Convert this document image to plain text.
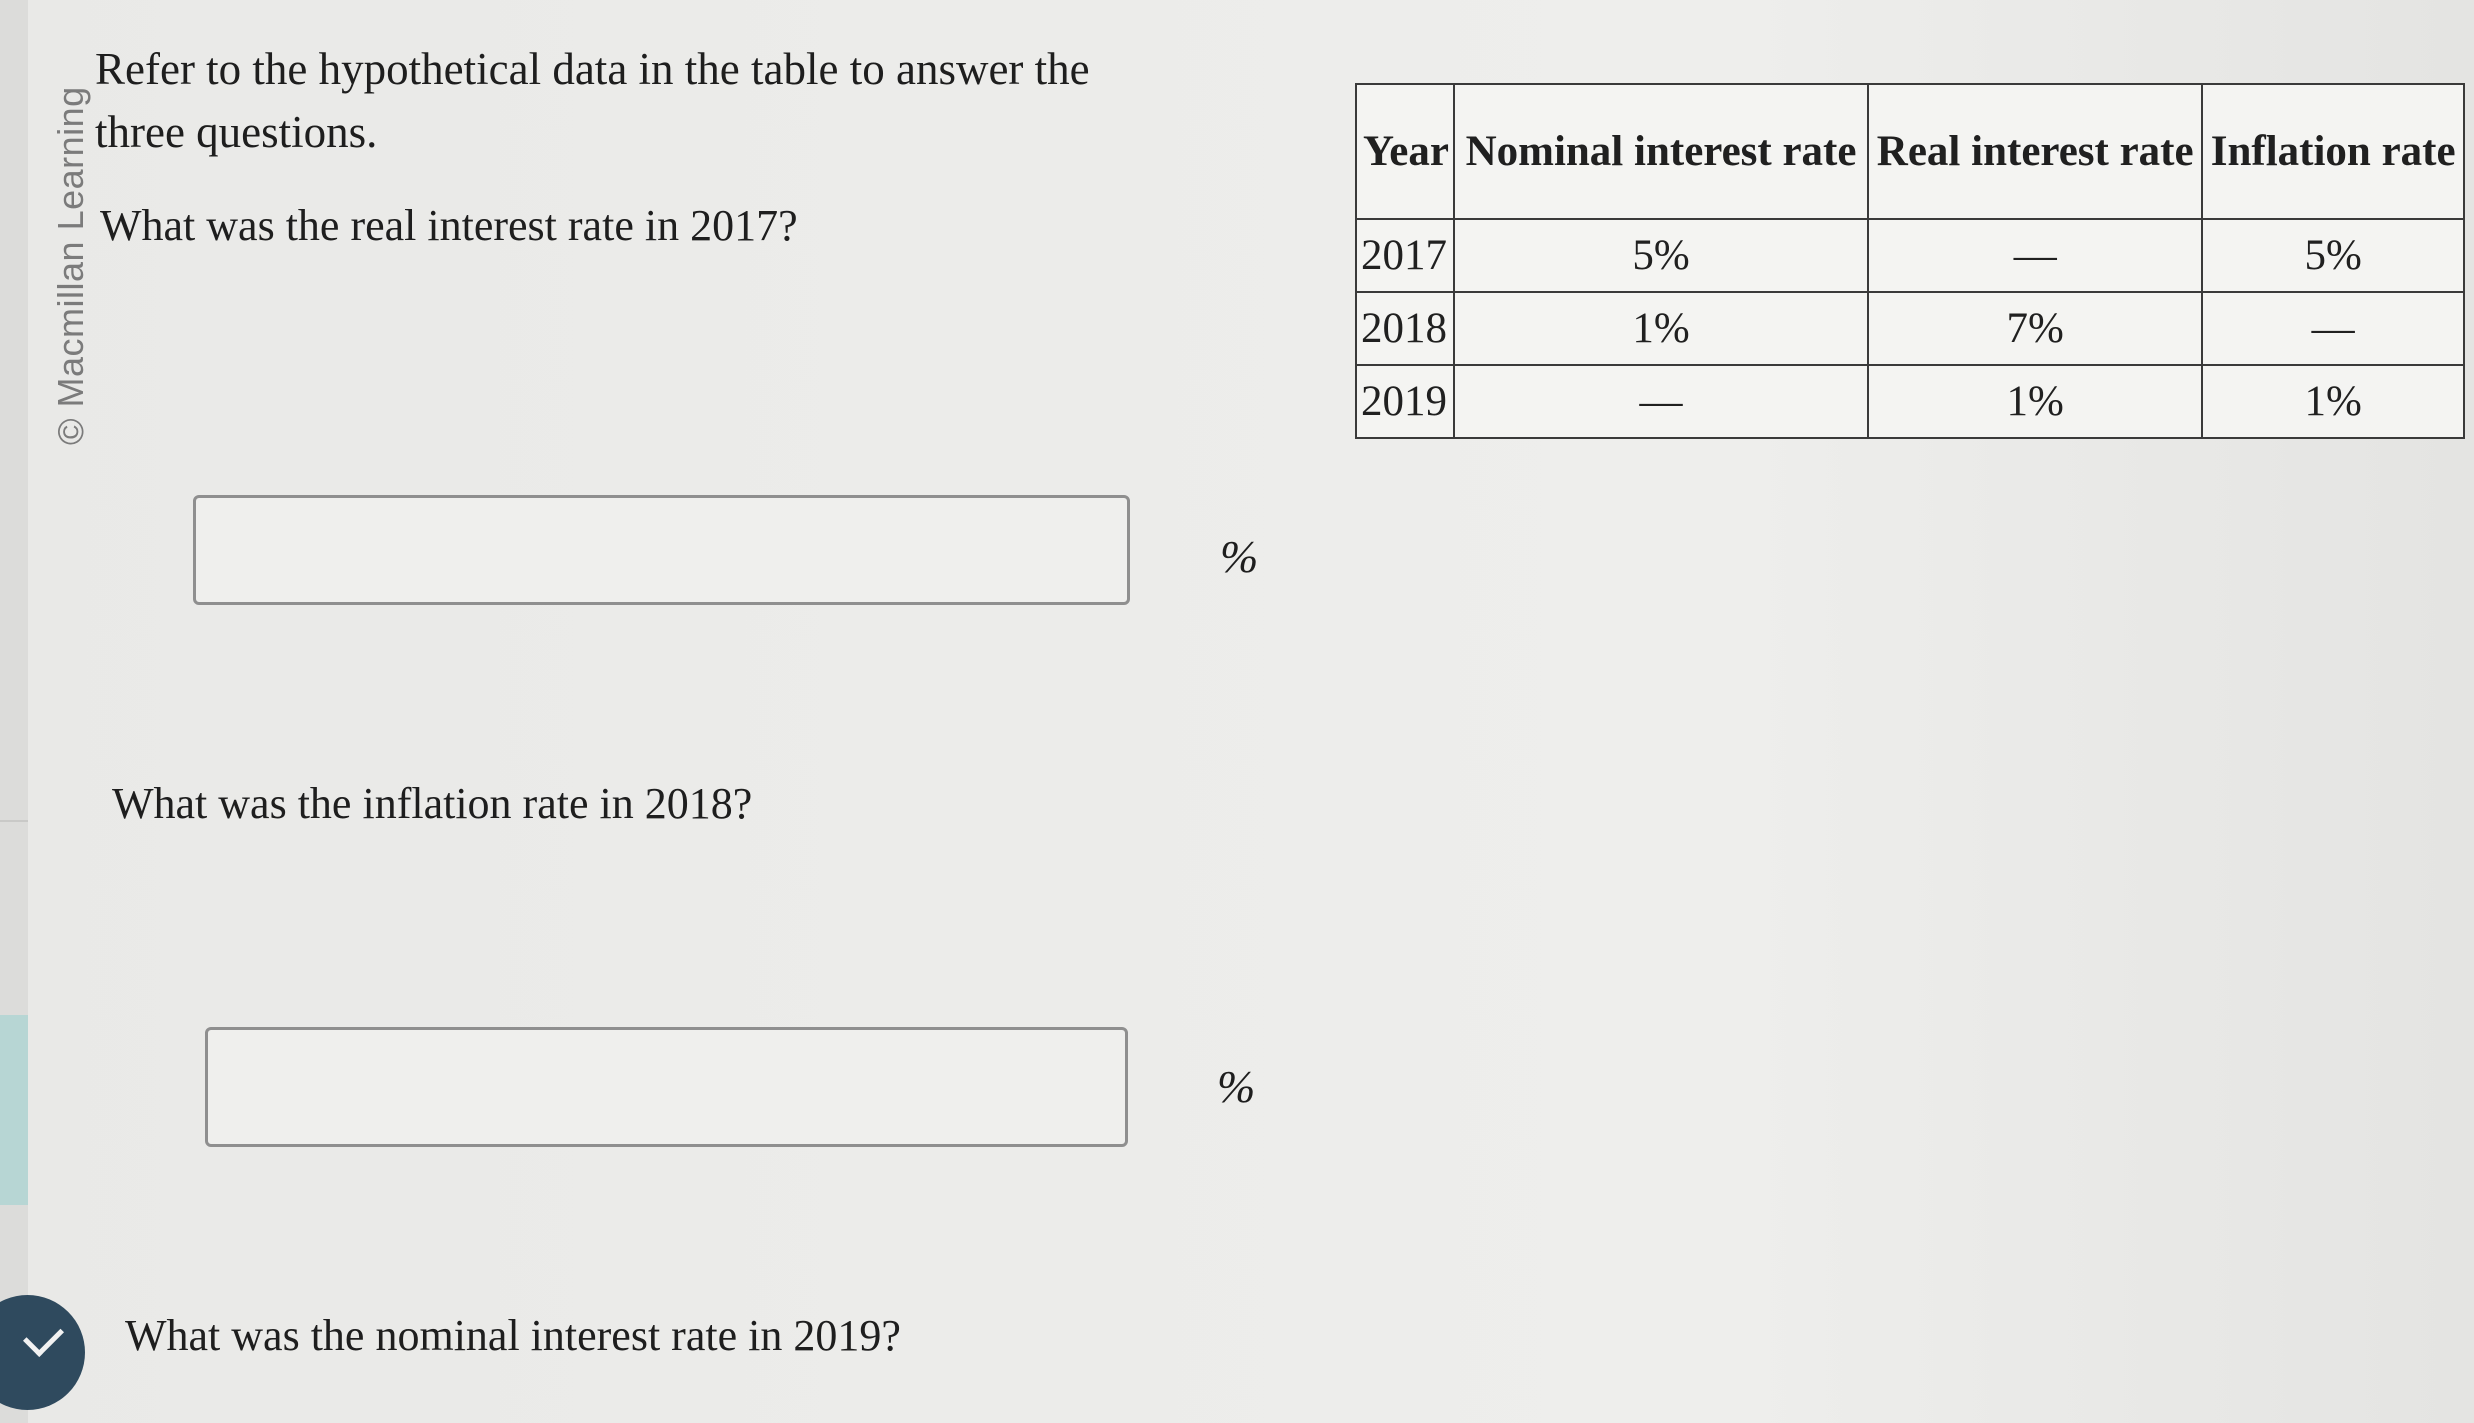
© Macmillan Learning
Refer to the hypothetical data in the table to answer the three questions.
What was the real interest rate in 2017?
%
What was the inflation rate in 2018?
%
What was the nominal interest rate in 2019?
Year	Nominal interest rate	Real interest rate	Inflation rate
2017	5%	—	5%
2018	1%	7%	—
2019	—	1%	1%
